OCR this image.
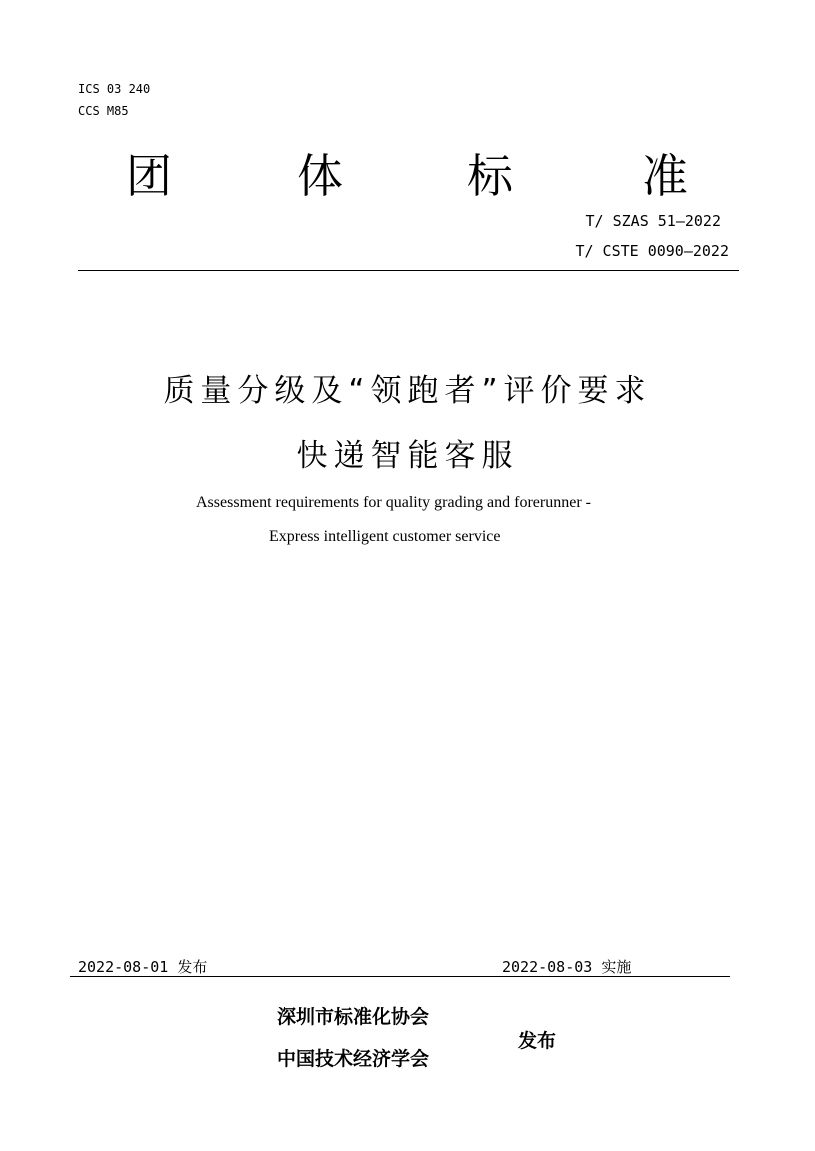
ICS 03 240
CCS M85
团	体	标	准
T/ SZAS 51—2022
T/ CSTE 0090—2022
质量分级及“领跑者”评价要求
快递智能客服
Assessment requirements for quality grading and forerunner -
Express intelligent customer service
2022-08-01 发布	2022-08-03 实施
深圳市标准化协会
中国技术经济学会
发布
